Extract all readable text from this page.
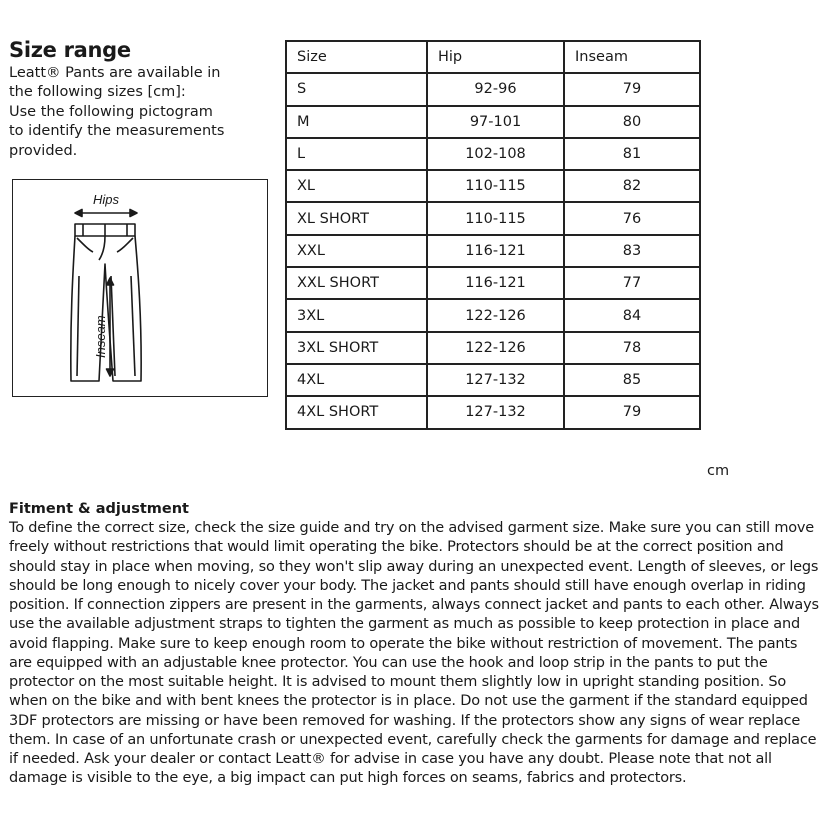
Size range
Leatt® Pants are available in
the following sizes [cm]:
Use the following pictogram
to identify the measurements
provided.
Hips
Inseam
Size	Hip	Inseam
S	92-96	79
M	97-101	80
L	102-108	81
XL	110-115	82
XL SHORT	110-115	76
XXL	116-121	83
XXL SHORT	116-121	77
3XL	122-126	84
3XL SHORT	122-126	78
4XL	127-132	85
4XL SHORT	127-132	79
cm
Fitment & adjustment
To define the correct size, check the size guide and try on the advised garment size. Make sure you can still move freely without restrictions that would limit operating the bike. Protectors should be at the correct position and should stay in place when moving, so they won't slip away during an unexpected event. Length of sleeves, or legs should be long enough to nicely cover your body. The jacket and pants should still have enough overlap in riding position. If connection zippers are present in the garments, always connect jacket and pants to each other. Always use the available adjustment straps to tighten the garment as much as possible to keep protection in place and avoid flapping. Make sure to keep enough room to operate the bike without restriction of movement. The pants are equipped with an adjustable knee protector. You can use the hook and loop strip in the pants to put the protector on the most suitable height. It is advised to mount them slightly low in upright standing position. So when on the bike and with bent knees the protector is in place. Do not use the garment if the standard equipped 3DF protectors are missing or have been removed for washing. If the protectors show any signs of wear replace them. In case of an unfortunate crash or unexpected event, carefully check the garments for damage and replace if needed. Ask your dealer or contact Leatt® for advise in case you have any doubt. Please note that not all damage is visible to the eye, a big impact can put high forces on seams, fabrics and protectors.
